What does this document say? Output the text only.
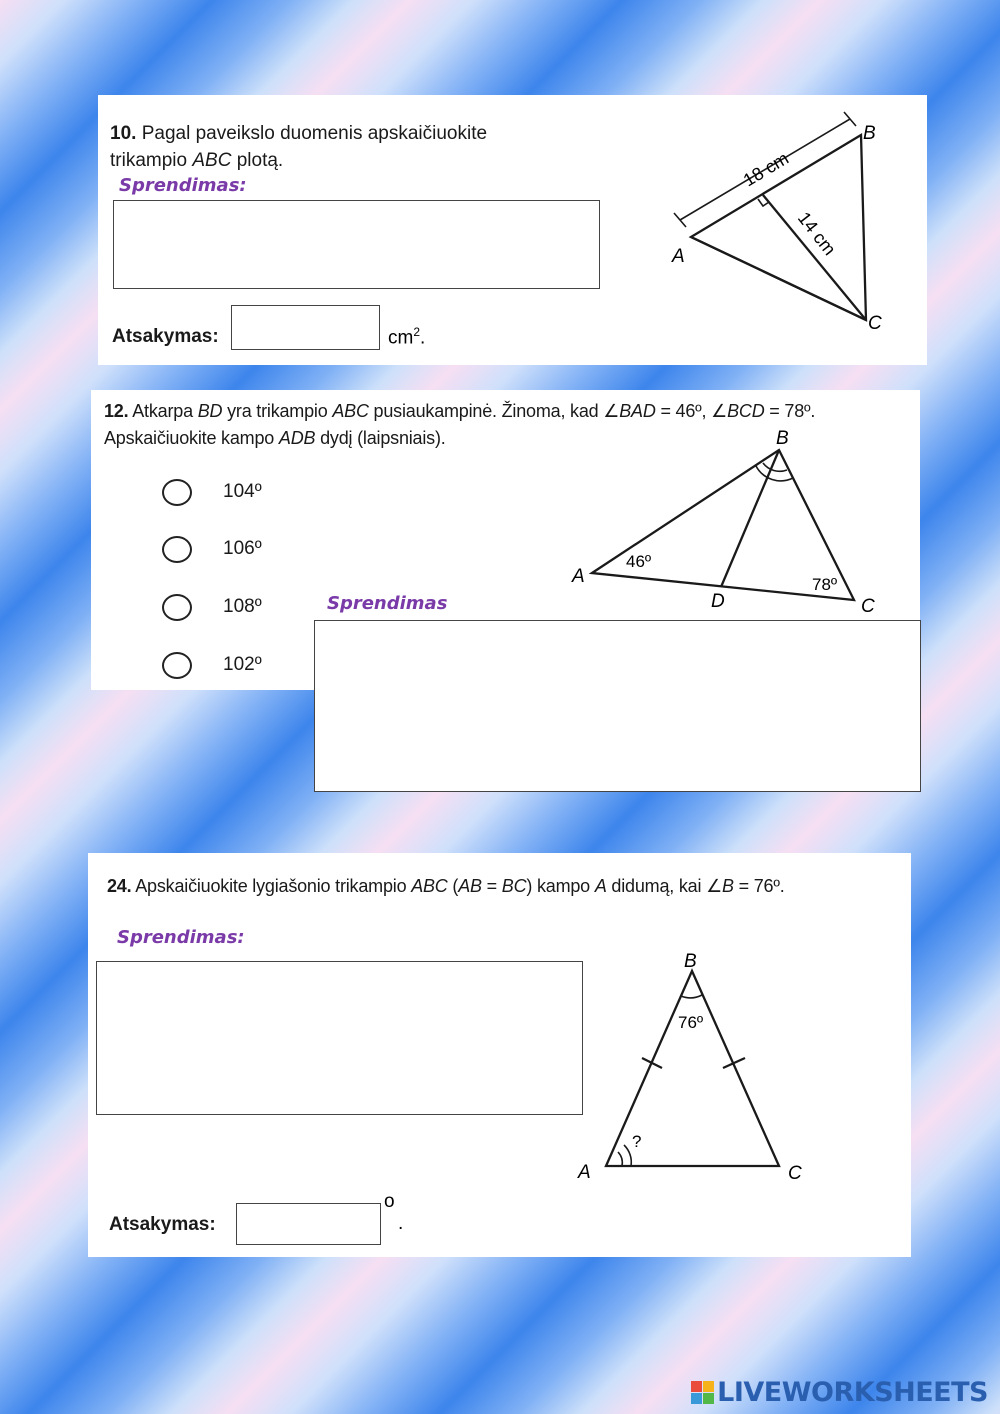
10. Pagal paveikslo duomenis apskaičiuokite
trikampio ABC plotą.
Sprendimas:
Atsakymas:	$cm^2$.
A
B
C
18 cm
14 cm
12. Atkarpa BD yra trikampio ABC pusiaukampinė. Žinoma, kad ∠BAD = 46º, ∠BCD = 78º.
Apskaičiuokite kampo ADB dydį (laipsniais).
A
B
C
D
46º
78º
104º
106º
108º
102º
Sprendimas
24. Apskaičiuokite lygiašonio trikampio ABC (AB = BC) kampo A didumą, kai ∠B = 76º.
Sprendimas:
Atsakymas:
o
.
B
A	C
76º
?
LIVEWORKSHEETS
